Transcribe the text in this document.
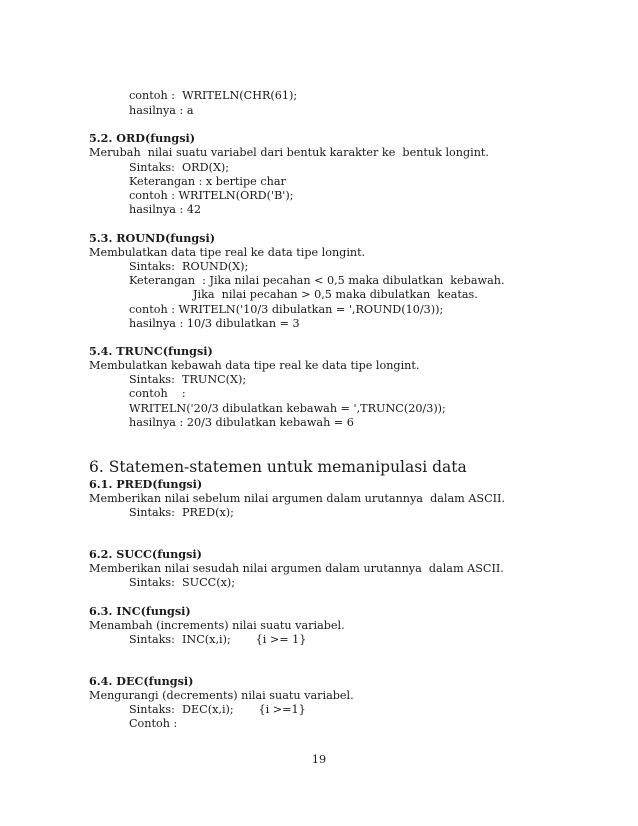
contoh :  WRITELN(CHR(61);
hasilnya : a
5.2. ORD(fungsi)
Merubah  nilai suatu variabel dari bentuk karakter ke  bentuk longint.
Sintaks:  ORD(X);
Keterangan : x bertipe char
contoh : WRITELN(ORD('B');
hasilnya : 42
5.3. ROUND(fungsi)
Membulatkan data tipe real ke data tipe longint.
Sintaks:  ROUND(X);
Keterangan  : Jika nilai pecahan < 0,5 maka dibulatkan  kebawah.
Jika  nilai pecahan > 0,5 maka dibulatkan  keatas.
contoh : WRITELN('10/3 dibulatkan = ',ROUND(10/3));
hasilnya : 10/3 dibulatkan = 3
5.4. TRUNC(fungsi)
Membulatkan kebawah data tipe real ke data tipe longint.
Sintaks:  TRUNC(X);
contoh    :
WRITELN('20/3 dibulatkan kebawah = ',TRUNC(20/3));
hasilnya : 20/3 dibulatkan kebawah = 6
6. Statemen-statemen untuk memanipulasi data
6.1. PRED(fungsi)
Memberikan nilai sebelum nilai argumen dalam urutannya  dalam ASCII.
Sintaks:  PRED(x);
6.2. SUCC(fungsi)
Memberikan nilai sesudah nilai argumen dalam urutannya  dalam ASCII.
Sintaks:  SUCC(x);
6.3. INC(fungsi)
Menambah (increments) nilai suatu variabel.
Sintaks:  INC(x,i);       {i >= 1}
6.4. DEC(fungsi)
Mengurangi (decrements) nilai suatu variabel.
Sintaks:  DEC(x,i);       {i >=1}
Contoh :
19
